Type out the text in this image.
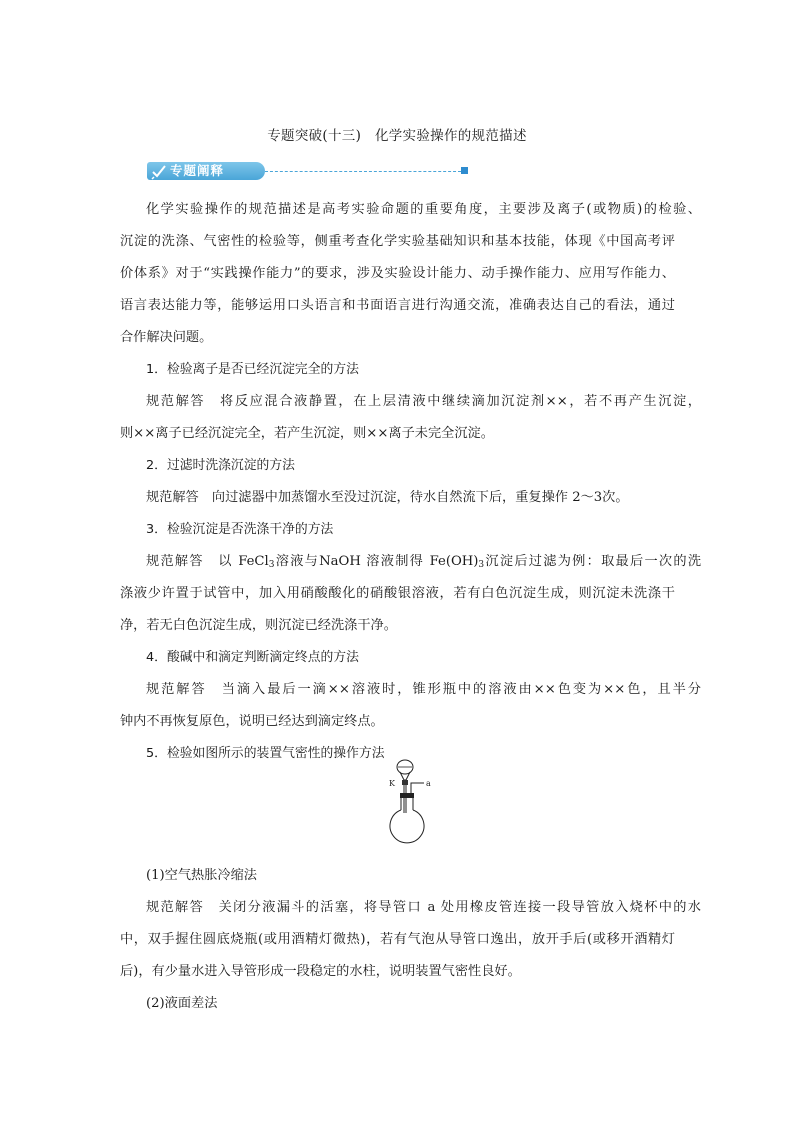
专题突破(十三)　化学实验操作的规范描述
专题阐释
化学实验操作的规范描述是高考实验命题的重要角度，主要涉及离子(或物质)的检验、
沉淀的洗涤、气密性的检验等，侧重考查化学实验基础知识和基本技能，体现《中国高考评
价体系》对于“实践操作能力”的要求，涉及实验设计能力、动手操作能力、应用写作能力、
语言表达能力等，能够运用口头语言和书面语言进行沟通交流，准确表达自己的看法，通过
合作解决问题。
1．检验离子是否已经沉淀完全的方法
规范解答　将反应混合液静置，在上层清液中继续滴加沉淀剂××，若不再产生沉淀，
则××离子已经沉淀完全，若产生沉淀，则××离子未完全沉淀。
2．过滤时洗涤沉淀的方法
规范解答　向过滤器中加蒸馏水至没过沉淀，待水自然流下后，重复操作 2～3次。
3．检验沉淀是否洗涤干净的方法
规范解答　以 FeCl$_3$溶液与NaOH 溶液制得 $Fe(OH)_3$沉淀后过滤为例：取最后一次的洗
涤液少许置于试管中，加入用硝酸酸化的硝酸银溶液，若有白色沉淀生成，则沉淀未洗涤干
净，若无白色沉淀生成，则沉淀已经洗涤干净。
4．酸碱中和滴定判断滴定终点的方法
规范解答　当滴入最后一滴××溶液时，锥形瓶中的溶液由××色变为××色，且半分
钟内不再恢复原色，说明已经达到滴定终点。
5．检验如图所示的装置气密性的操作方法
(1)空气热胀冷缩法
规范解答　关闭分液漏斗的活塞，将导管口 a 处用橡皮管连接一段导管放入烧杯中的水
中，双手握住圆底烧瓶(或用酒精灯微热)，若有气泡从导管口逸出，放开手后(或移开酒精灯
后)，有少量水进入导管形成一段稳定的水柱，说明装置气密性良好。
(2)液面差法
K	a
